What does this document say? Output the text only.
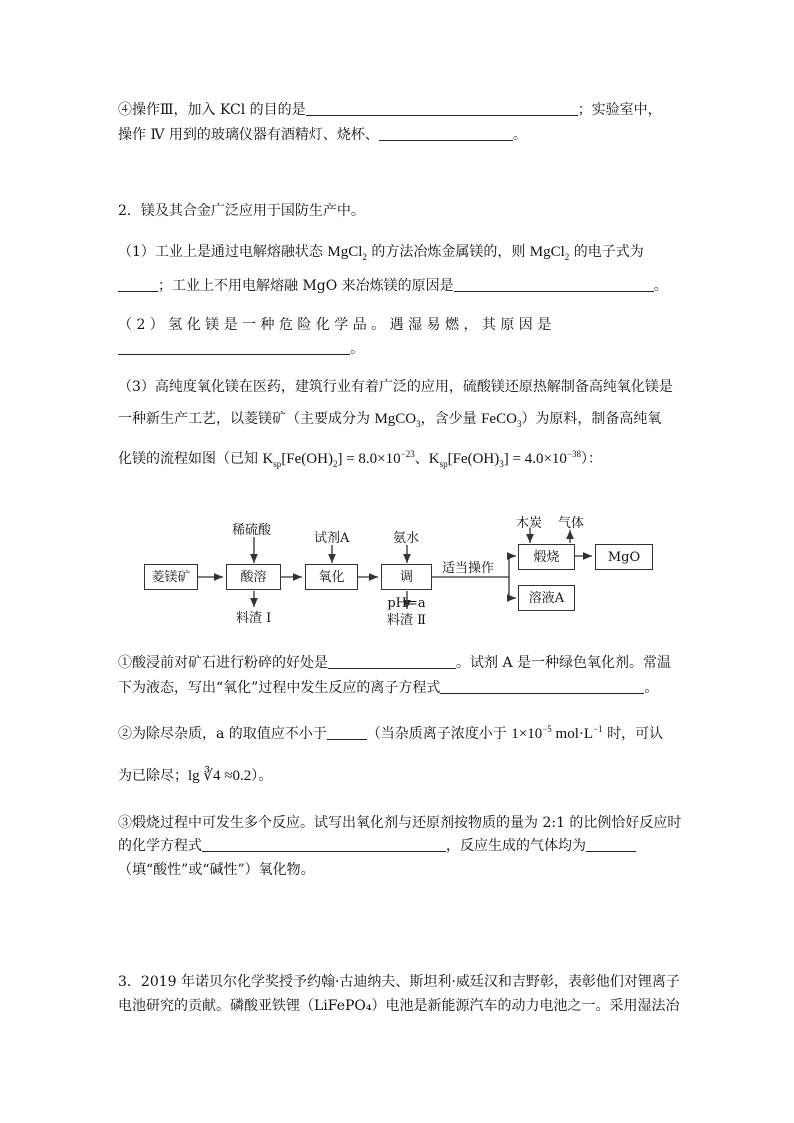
④操作Ⅲ，加入 KCl 的目的是	；实验室中，
操作 Ⅳ 用到的玻璃仪器有酒精灯、烧杯、	。
2．镁及其合金广泛应用于国防生产中。
（1）工业上是通过电解熔融状态 MgCl$_2$ 的方法冶炼金属镁的，则 MgCl$_2$ 的电子式为
；工业上不用电解熔融 MgO 来冶炼镁的原因是	。
（ 2 ） 氢 化 镁 是 一 种 危 险 化 学 品 。 遇 湿 易 燃 ， 其 原 因 是
。
（3）高纯度氧化镁在医药，建筑行业有着广泛的应用，硫酸镁还原热解制备高纯氧化镁是
一种新生产工艺，以菱镁矿（主要成分为 MgCO$_3$，含少量 FeCO$_3$）为原料，制备高纯氧
化镁的流程如图（已知 $K_{sp}[Fe(OH)_2] = 8.0\times 10^{-23}$、$K_{sp}[Fe(OH)_3] = 4.0\times 10^{-38}$）：
菱镁矿	酸溶	氧化	调pH=a
煅烧	MgO
溶液A
稀硫酸
料渣 Ⅰ
试剂A	氨水
料渣 Ⅱ
适当操作
木炭 气体
①酸浸前对矿石进行粉碎的好处是	。试剂 A 是一种绿色氧化剂。常温
下为液态，写出“氧化”过程中发生反应的离子方程式	。
②为除尽杂质，a 的取值应不小于	（当杂质离子浓度小于 $1\times 10^{-5}$ $mol\cdot L^{-1}$ 时，可认
为已除尽；lg ∛4 ≈0.2）。
③煅烧过程中可发生多个反应。试写出氧化剂与还原剂按物质的量为 2:1 的比例恰好反应时
的化学方程式	，反应生成的气体均为
（填“酸性”或“碱性”）氧化物。
3．2019 年诺贝尔化学奖授予约翰·古迪纳夫、斯坦利·威廷汉和吉野彰，表彰他们对锂离子
电池研究的贡献。磷酸亚铁锂（LiFePO₄）电池是新能源汽车的动力电池之一。采用湿法冶
